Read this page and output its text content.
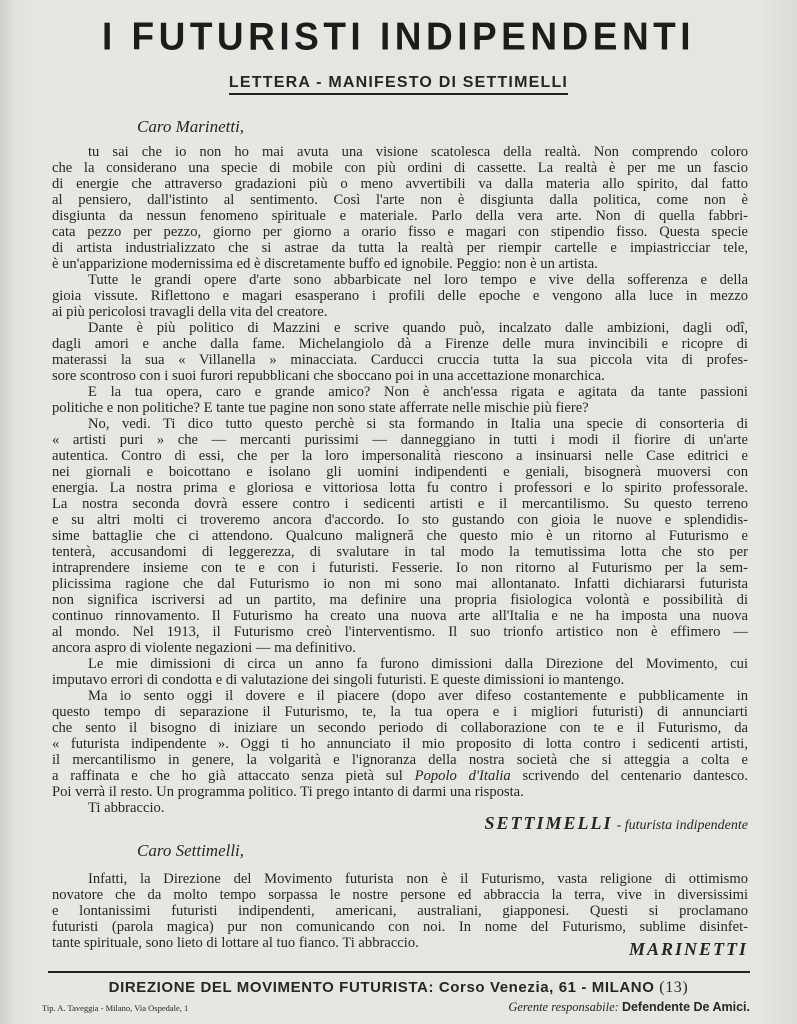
I FUTURISTI INDIPENDENTI
LETTERA - MANIFESTO DI SETTIMELLI
Caro Marinetti,
tu sai che io non ho mai avuta una visione scatolesca della realtà. Non comprendo coloro
che la considerano una specie di mobile con più ordini di cassette. La realtà è per me un fascio
di energie che attraverso gradazioni più o meno avvertibili va dalla materia allo spirito, dal fatto
al pensiero, dall'istinto al sentimento. Così l'arte non è disgiunta dalla politica, come non è
disgiunta da nessun fenomeno spirituale e materiale. Parlo della vera arte. Non di quella fabbri-
cata pezzo per pezzo, giorno per giorno a orario fisso e magari con stipendio fisso. Questa specie
di artista industrializzato che si astrae da tutta la realtà per riempir cartelle e impiastricciar tele,
è un'apparizione modernissima ed è discretamente buffo ed ignobile. Peggio: non è un artista.
Tutte le grandi opere d'arte sono abbarbicate nel loro tempo e vive della sofferenza e della
gioia vissute. Riflettono e magari esasperano i profili delle epoche e vengono alla luce in mezzo
ai più pericolosi travagli della vita del creatore.
Dante è più politico di Mazzini e scrive quando può, incalzato dalle ambizioni, dagli odî,
dagli amori e anche dalla fame. Michelangiolo dà a Firenze delle mura invincibili e ricopre di
materassi la sua « Villanella » minacciata. Carducci cruccia tutta la sua piccola vita di profes-
sore scontroso con i suoi furori repubblicani che sboccano poi in una accettazione monarchica.
E la tua opera, caro e grande amico? Non è anch'essa rigata e agitata da tante passioni
politiche e non politiche? E tante tue pagine non sono state afferrate nelle mischie più fiere?
No, vedi. Ti dico tutto questo perchè si sta formando in Italia una specie di consorteria di
« artisti puri » che — mercanti purissimi — danneggiano in tutti i modi il fiorire di un'arte
autentica. Contro di essi, che per la loro impersonalità riescono a insinuarsi nelle Case editrici e
nei giornali e boicottano e isolano gli uomini indipendenti e geniali, bisognerà muoversi con
energia. La nostra prima e gloriosa e vittoriosa lotta fu contro i professori e lo spirito professorale.
La nostra seconda dovrà essere contro i sedicenti artisti e il mercantilismo. Su questo terreno
e su altri molti ci troveremo ancora d'accordo. Io sto gustando con gioia le nuove e splendidis-
sime battaglie che ci attendono. Qualcuno maligneră che questo mio è un ritorno al Futurismo e
tenterà, accusandomi di leggerezza, di svalutare in tal modo la temutissima lotta che sto per
intraprendere insieme con te e con i futuristi. Fesserie. Io non ritorno al Futurismo per la sem-
plicissima ragione che dal Futurismo io non mi sono mai allontanato. Infatti dichiararsi futurista
non significa iscriversi ad un partito, ma definire una propria fisiologica volontà e possibilità di
continuo rinnovamento. Il Futurismo ha creato una nuova arte all'Italia e ne ha imposta una nuova
al mondo. Nel 1913, il Futurismo creò l'interventismo. Il suo trionfo artistico non è effimero —
ancora aspro di violente negazioni — ma definitivo.
Le mie dimissioni di circa un anno fa furono dimissioni dalla Direzione del Movimento, cui
imputavo errori di condotta e di valutazione dei singoli futuristi. E queste dimissioni io mantengo.
Ma io sento oggi il dovere e il piacere (dopo aver difeso costantemente e pubblicamente in
questo tempo di separazione il Futurismo, te, la tua opera e i migliori futuristi) di annunciarti
che sento il bisogno di iniziare un secondo periodo di collaborazione con te e il Futurismo, da
« futurista indipendente ». Oggi ti ho annunciato il mio proposito di lotta contro i sedicenti artisti,
il mercantilismo in genere, la volgarità e l'ignoranza della nostra società che si atteggia a colta e
a raffinata e che ho già attaccato senza pietà sul Popolo d'Italia scrivendo del centenario dantesco.
Poi verrà il resto. Un programma politico. Ti prego intanto di darmi una risposta.
Ti abbraccio.
SETTIMELLI - futurista indipendente
Caro Settimelli,
Infatti, la Direzione del Movimento futurista non è il Futurismo, vasta religione di ottimismo
novatore che da molto tempo sorpassa le nostre persone ed abbraccia la terra, vive in diversissimi
e lontanissimi futuristi indipendenti, americani, australiani, giapponesi. Questi si proclamano
futuristi (parola magica) pur non comunicando con noi. In nome del Futurismo, sublime disinfet-
tante spirituale, sono lieto di lottare al tuo fianco. Ti abbraccio.	MARINETTI
DIREZIONE DEL MOVIMENTO FUTURISTA: Corso Venezia, 61 - MILANO (13)
Tip. A. Taveggia - Milano, Via Ospedale, 1	Gerente responsabile: Defendente De Amici.
